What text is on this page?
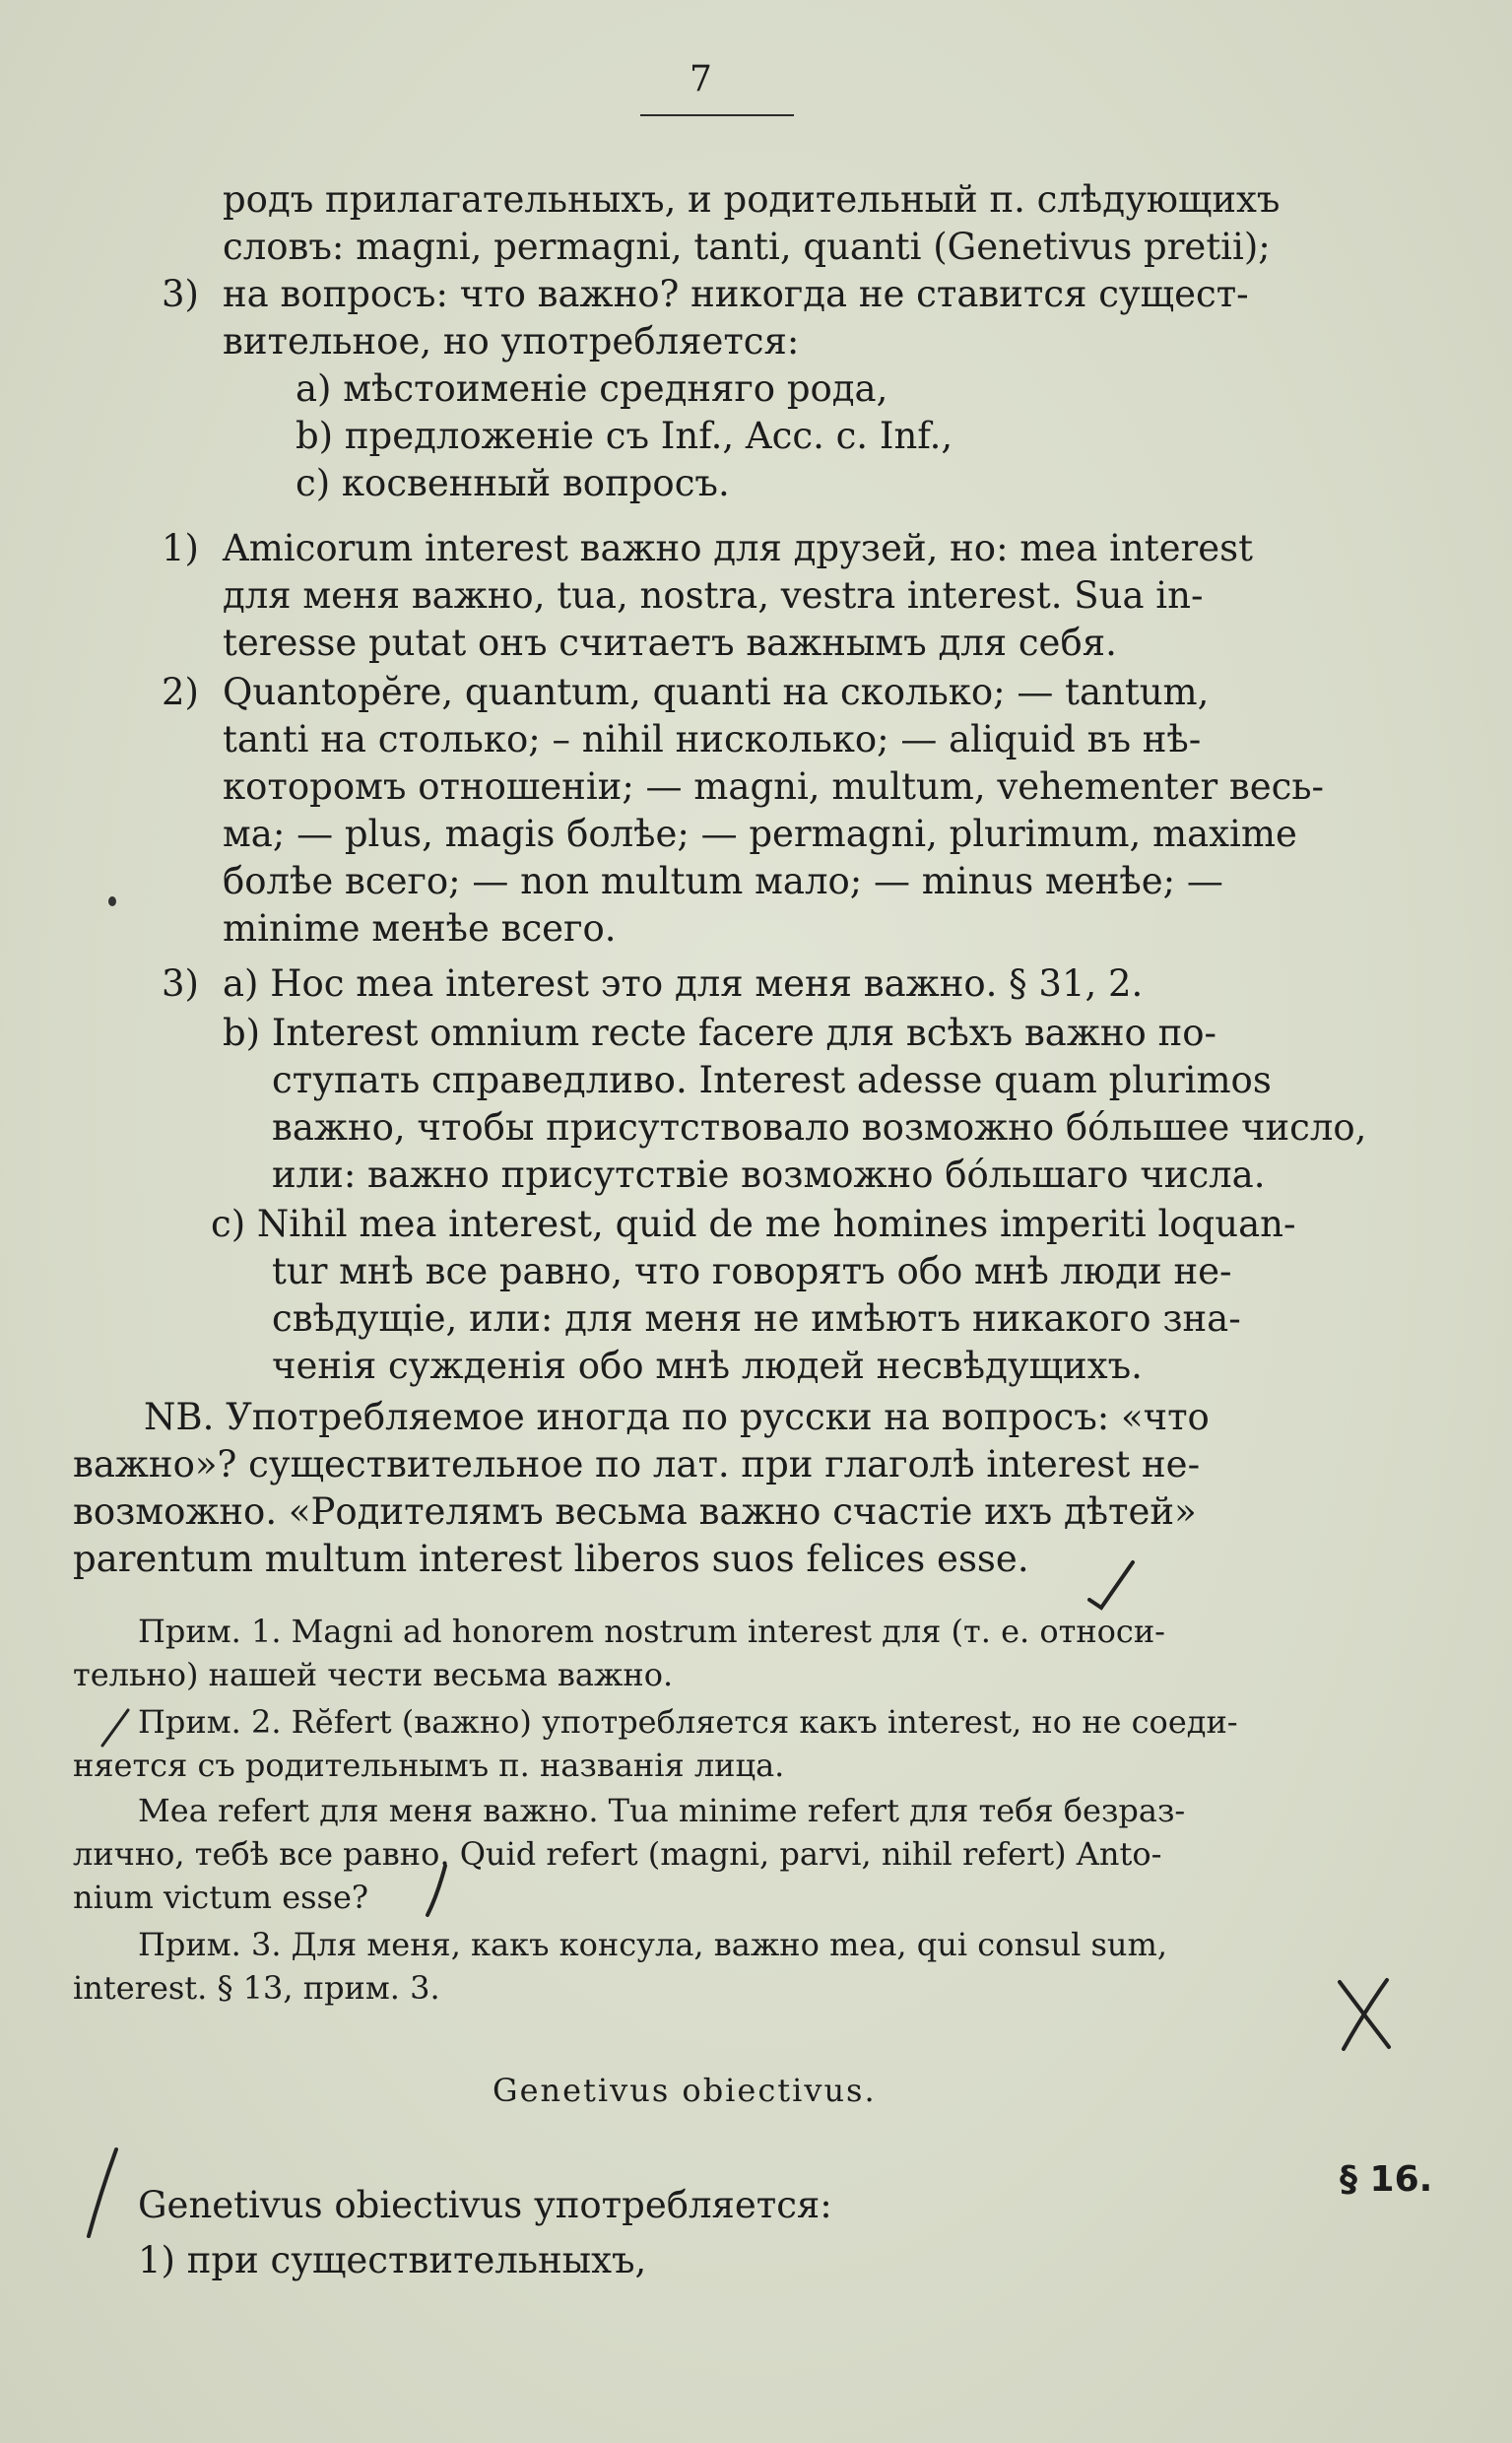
7
родъ прилагательныхъ, и родительный п. слѣдующихъ
словъ: magni, permagni, tanti, quanti (Genetivus pretii);
3) на вопросъ: что важно? никогда не ставится сущест-
вительное, но употребляется:
a) мѣстоименіе средняго рода,
b) предложеніе съ Inf., Acc. c. Inf.,
c) косвенный вопросъ.
1) Amicorum interest важно для друзей, но: mea interest
для меня важно, tua, nostra, vestra interest. Sua in-
teresse putat онъ считаетъ важнымъ для себя.
2) Quantopĕre, quantum, quanti на сколько; — tantum,
tanti на столько; – nihil нисколько; — aliquid въ нѣ-
которомъ отношеніи; — magni, multum, vehementer весь-
ма; — plus, magis болѣе; — permagni, plurimum, maxime
болѣе всего; — non multum мало; — minus менѣе; —
minime менѣе всего.
3) a) Hoc mea interest это для меня важно. § 31, 2.
b) Interest omnium recte facere для всѣхъ важно по-
ступать справедливо. Interest adesse quam plurimos
важно, чтобы присутствовало возможно бóльшее число,
или: важно присутствіе возможно бóльшаго числа.
c) Nihil mea interest, quid de me homines imperiti loquan-
tur мнѣ все равно, что говорятъ обо мнѣ люди не-
свѣдущіе, или: для меня не имѣютъ никакого зна-
ченія сужденія обо мнѣ людей несвѣдущихъ.
NB. Употребляемое иногда по русски на вопросъ: «что
важно»? существительное по лат. при глаголѣ interest не-
возможно. «Родителямъ весьма важно счастіе ихъ дѣтей»
parentum multum interest liberos suos felices esse.
Прим. 1. Magni ad honorem nostrum interest для (т. е. относи-
тельно) нашей чести весьма важно.
Прим. 2. Rĕfert (важно) употребляется какъ interest, но не соеди-
няется съ родительнымъ п. названія лица.
Mea refert для меня важно. Tua minime refert для тебя безраз-
лично, тебѣ все равно. Quid refert (magni, parvi, nihil refert) Anto-
nium victum esse?
Прим. 3. Для меня, какъ консула, важно mea, qui consul sum,
interest. § 13, прим. 3.
Genetivus obiectivus.
§ 16.
Genetivus obiectivus употребляется:
1) при существительныхъ,
